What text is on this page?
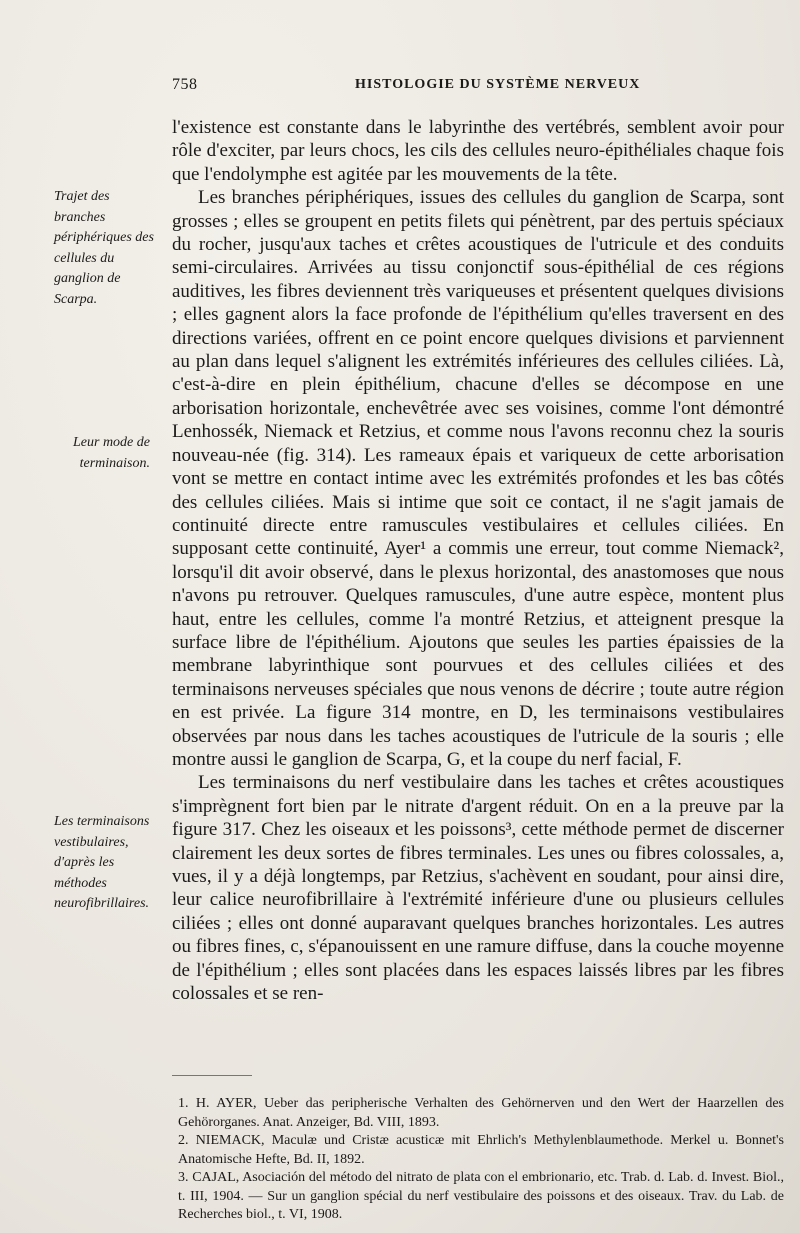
758	HISTOLOGIE DU SYSTÈME NERVEUX
Trajet des branches périphériques des cellules du ganglion de Scarpa.
Leur mode de terminaison.
Les terminaisons vestibulaires, d'après les méthodes neurofibrillaires.

l'existence est constante dans le labyrinthe des vertébrés, semblent avoir pour rôle d'exciter, par leurs chocs, les cils des cellules neuro-épithéliales chaque fois que l'endolymphe est agitée par les mouvements de la tête.

Les branches périphériques, issues des cellules du ganglion de Scarpa, sont grosses ; elles se groupent en petits filets qui pénètrent, par des pertuis spéciaux du rocher, jusqu'aux taches et crêtes acoustiques de l'utricule et des conduits semi-circulaires. Arrivées au tissu conjonctif sous-épithélial de ces régions auditives, les fibres deviennent très variqueuses et présentent quelques divisions ; elles gagnent alors la face profonde de l'épithélium qu'elles traversent en des directions variées, offrent en ce point encore quelques divisions et parviennent au plan dans lequel s'alignent les extrémités inférieures des cellules ciliées. Là, c'est-à-dire en plein épithélium, chacune d'elles se décompose en une arborisation horizontale, enchevêtrée avec ses voisines, comme l'ont démontré Lenhossék, Niemack et Retzius, et comme nous l'avons reconnu chez la souris nouveau-née (fig. 314). Les rameaux épais et variqueux de cette arborisation vont se mettre en contact intime avec les extrémités profondes et les bas côtés des cellules ciliées. Mais si intime que soit ce contact, il ne s'agit jamais de continuité directe entre ramuscules vestibulaires et cellules ciliées. En supposant cette continuité, Ayer¹ a commis une erreur, tout comme Niemack², lorsqu'il dit avoir observé, dans le plexus horizontal, des anastomoses que nous n'avons pu retrouver. Quelques ramuscules, d'une autre espèce, montent plus haut, entre les cellules, comme l'a montré Retzius, et atteignent presque la surface libre de l'épithélium. Ajoutons que seules les parties épaissies de la membrane labyrinthique sont pourvues et des cellules ciliées et des terminaisons nerveuses spéciales que nous venons de décrire ; toute autre région en est privée. La figure 314 montre, en D, les terminaisons vestibulaires observées par nous dans les taches acoustiques de l'utricule de la souris ; elle montre aussi le ganglion de Scarpa, G, et la coupe du nerf facial, F.

Les terminaisons du nerf vestibulaire dans les taches et crêtes acoustiques s'imprègnent fort bien par le nitrate d'argent réduit. On en a la preuve par la figure 317. Chez les oiseaux et les poissons³, cette méthode permet de discerner clairement les deux sortes de fibres terminales. Les unes ou fibres colossales, a, vues, il y a déjà longtemps, par Retzius, s'achèvent en soudant, pour ainsi dire, leur calice neurofibrillaire à l'extrémité inférieure d'une ou plusieurs cellules ciliées ; elles ont donné auparavant quelques branches horizontales. Les autres ou fibres fines, c, s'épanouissent en une ramure diffuse, dans la couche moyenne de l'épithélium ; elles sont placées dans les espaces laissés libres par les fibres colossales et se ren-

1. H. AYER, Ueber das peripherische Verhalten des Gehörnerven und den Wert der Haarzellen des Gehörorganes. Anat. Anzeiger, Bd. VIII, 1893.

2. NIEMACK, Maculæ und Cristæ acusticæ mit Ehrlich's Methylenblaumethode. Merkel u. Bonnet's Anatomische Hefte, Bd. II, 1892.

3. CAJAL, Asociación del método del nitrato de plata con el embrionario, etc. Trab. d. Lab. d. Invest. Biol., t. III, 1904. — Sur un ganglion spécial du nerf vestibulaire des poissons et des oiseaux. Trav. du Lab. de Recherches biol., t. VI, 1908.
